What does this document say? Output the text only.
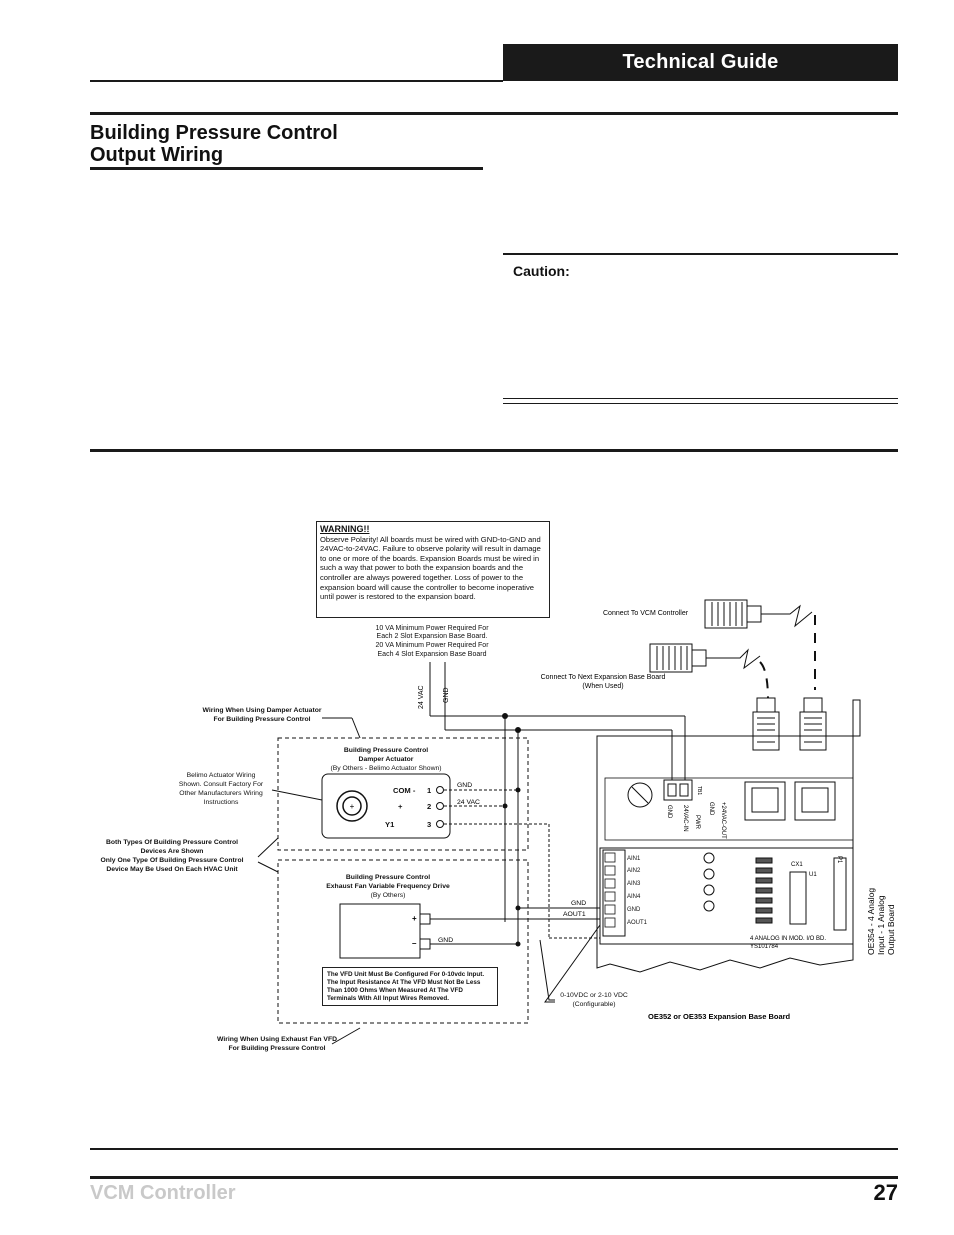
Technical Guide
Building Pressure Control
Output Wiring
Caution:
WARNING!!
Observe Polarity! All boards must be wired with GND-to-GND and 24VAC-to-24VAC. Failure to observe polarity will result in damage to one or more of the boards. Expansion Boards must be wired in such a way that power to both the expansion boards and the controller are always powered together. Loss of power to the expansion board will cause the controller to become inoperative until power is restored to the expansion board.
The VFD Unit Must Be Configured For 0-10vdc Input. The Input Resistance At The VFD Must Not Be Less Than 1000 Ohms When Measured At The VFD Terminals With All Input Wires Removed.
10 VA Minimum Power Required For
Each 2 Slot Expansion Base Board.
20 VA Minimum Power Required For
Each 4 Slot Expansion Base Board
24 VAC	GND
Connect To VCM Controller
Connect To Next Expansion Base Board
(When Used)
TB1
GND 24VAC-IN PWR
GND +24VAC-OUT
AIN1
AIN2
AIN3
AIN4
GND
AOUT1
CX1
U1
P1
4 ANALOG IN MOD. I/O BD.
YS101784	OE354 - 4 Analog Input - 1 Analog Output Board
OE352 or OE353 Expansion Base Board
Building Pressure Control
Damper Actuator
(By Others - Belimo Actuator Shown)
+
COM - 1
+	2
Y1	3
GND
24 VAC
Building Pressure Control
Exhaust Fan Variable Frequency Drive
(By Others)
+
–	GND
GND
AOUT1
Wiring When Using Damper Actuator
For Building Pressure Control
Belimo Actuator Wiring
Shown. Consult Factory For
Other Manufacturers Wiring
Instructions
Both Types Of Building Pressure Control
Devices Are Shown
Only One Type Of Building Pressure Control
Device May Be Used On Each HVAC Unit
Wiring When Using Exhaust Fan VFD
For Building Pressure Control
0-10VDC or 2-10 VDC
(Configurable)
VCM Controller	27
